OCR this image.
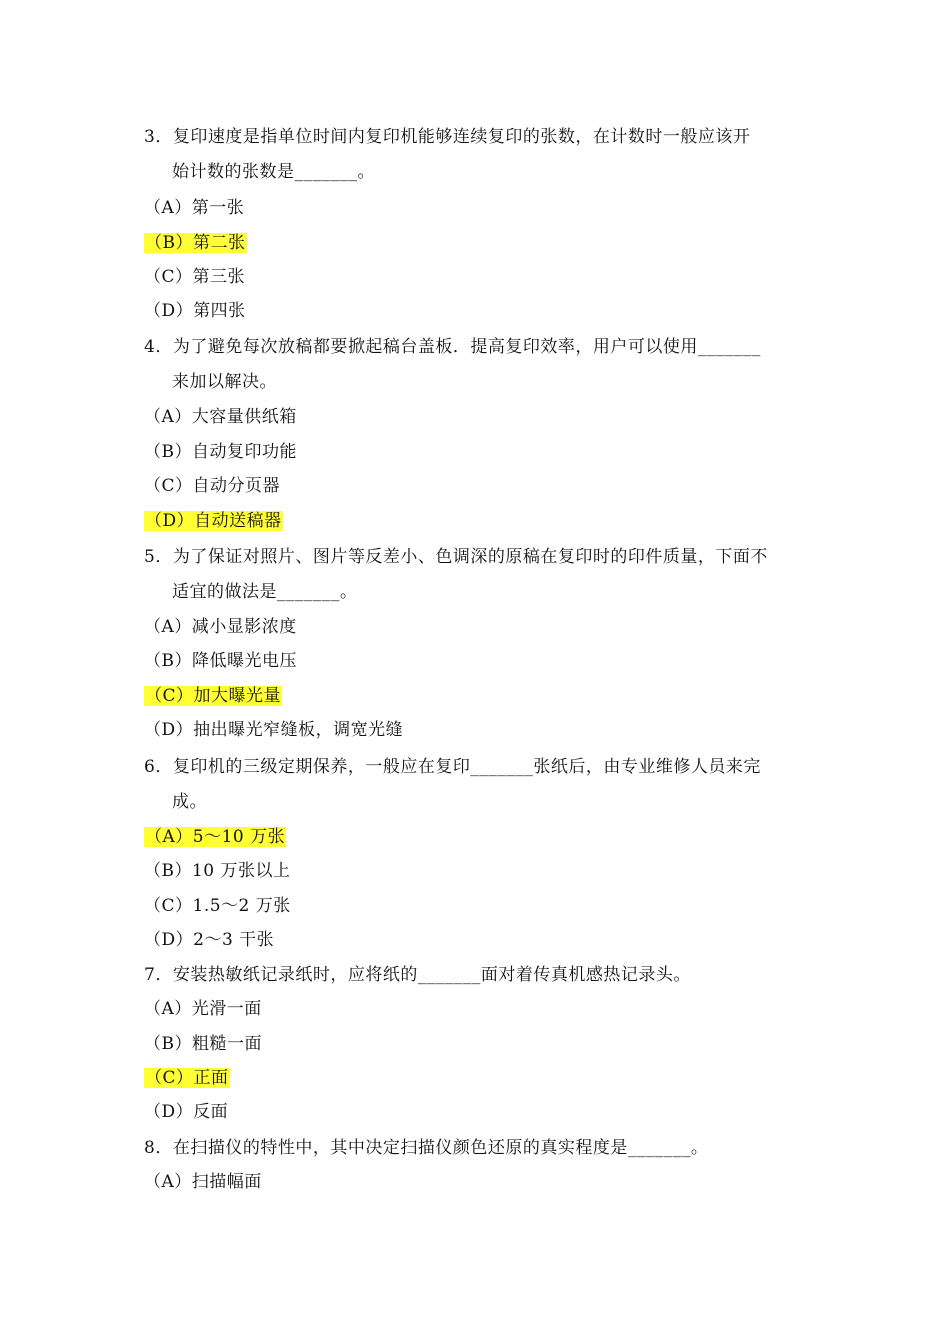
3．复印速度是指单位时间内复印机能够连续复印的张数，在计数时一般应该开
始计数的张数是_______。
（A）第一张
（B）第二张
（C）第三张
（D）第四张
4．为了避免每次放稿都要掀起稿台盖板．提高复印效率，用户可以使用_______
来加以解决。
（A）大容量供纸箱
（B）自动复印功能
（C）自动分页器
（D）自动送稿器
5．为了保证对照片、图片等反差小、色调深的原稿在复印时的印件质量，下面不
适宜的做法是_______。
（A）减小显影浓度
（B）降低曝光电压
（C）加大曝光量
（D）抽出曝光窄缝板，调宽光缝
6．复印机的三级定期保养，一般应在复印_______张纸后，由专业维修人员来完
成。
（A）5～10 万张
（B）10 万张以上
（C）1.5～2 万张
（D）2～3 干张
7．安装热敏纸记录纸时，应将纸的_______面对着传真机感热记录头。
（A）光滑一面
（B）粗糙一面
（C）正面
（D）反面
8．在扫描仪的特性中，其中决定扫描仪颜色还原的真实程度是_______。
（A）扫描幅面
